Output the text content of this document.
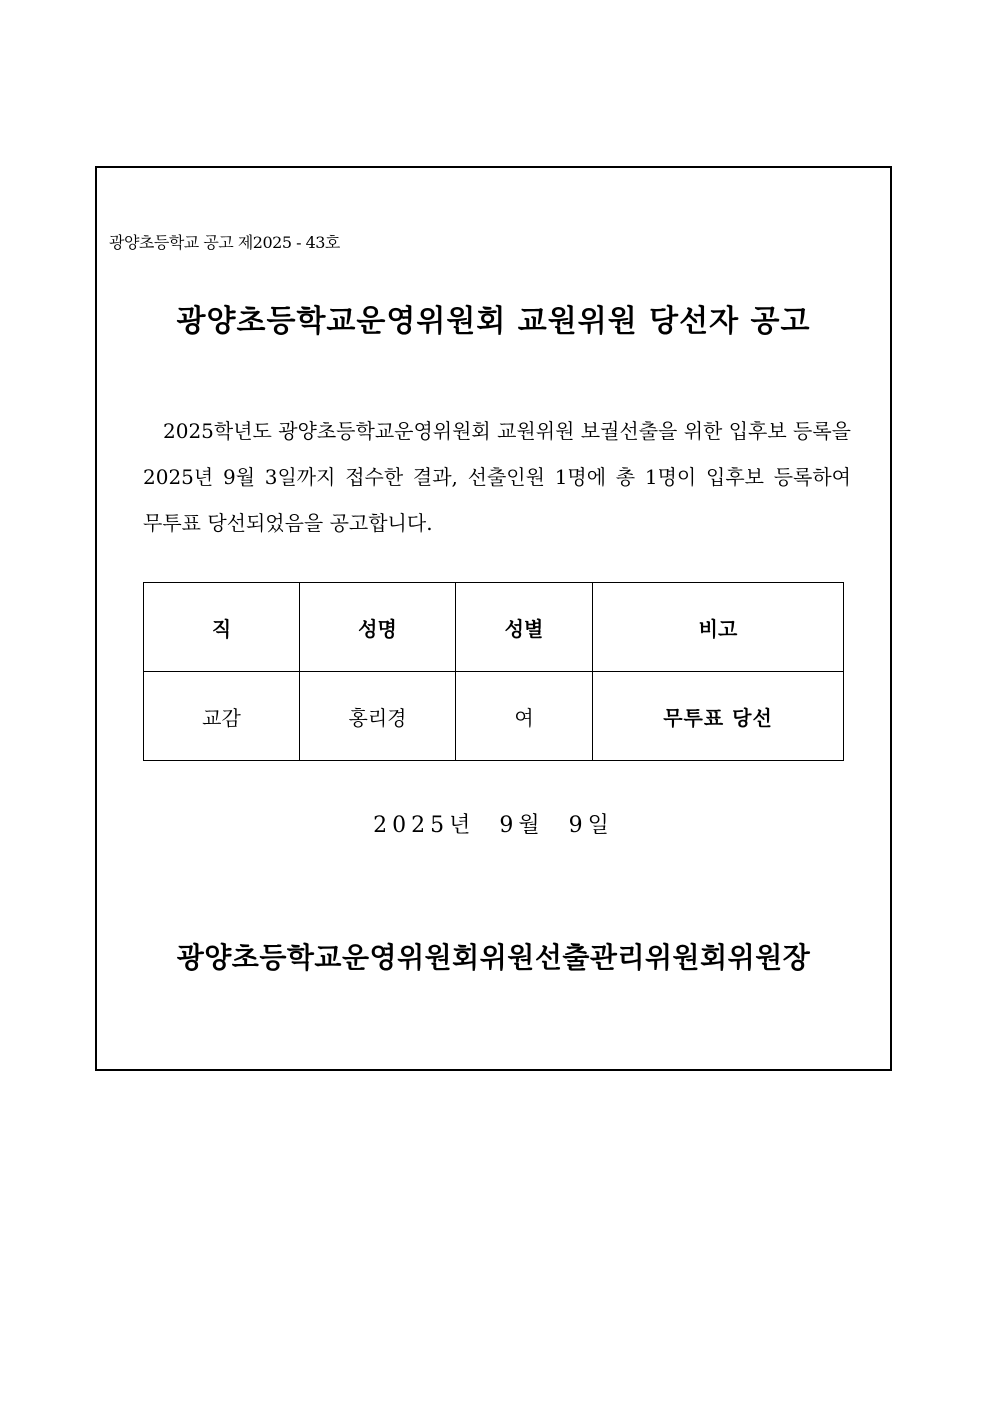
광양초등학교 공고 제2025 - 43호
광양초등학교운영위원회 교원위원 당선자 공고
2025학년도 광양초등학교운영위원회 교원위원 보궐선출을 위한 입후보 등록을 2025년 9월 3일까지 접수한 결과, 선출인원 1명에 총 1명이 입후보 등록하여 무투표 당선되었음을 공고합니다.
직	성명	성별	비고
교감	홍리경	여	무투표 당선
2025년  9월  9일
광양초등학교운영위원회위원선출관리위원회위원장
